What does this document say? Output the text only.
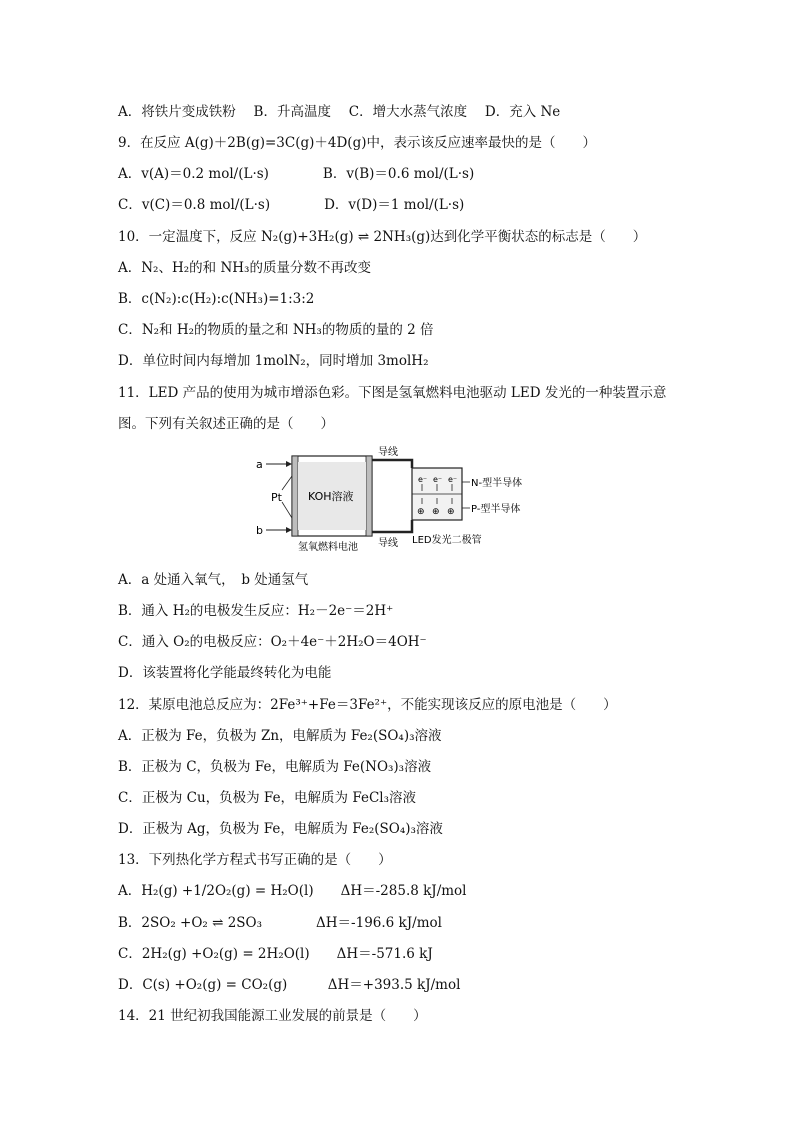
A．将铁片变成铁粉　 B．升高温度　 C．增大水蒸气浓度　 D．充入 Ne
9．在反应 A(g)＋2B(g)=3C(g)＋4D(g)中，表示该反应速率最快的是（　　）
A．v(A)＝0.2 mol/(L·s)　　　　B．v(B)＝0.6 mol/(L·s)
C．v(C)＝0.8 mol/(L·s)　　　　D．v(D)＝1 mol/(L·s)
10．一定温度下，反应 N₂(g)+3H₂(g) ⇌ 2NH₃(g)达到化学平衡状态的标志是（　　）
A．N₂、H₂的和 NH₃的质量分数不再改变
B．c(N₂):c(H₂):c(NH₃)=1:3:2
C．N₂和 H₂的物质的量之和 NH₃的物质的量的 2 倍
D．单位时间内每增加 1molN₂，同时增加 3molH₂
11．LED 产品的使用为城市增添色彩。下图是氢氧燃料电池驱动 LED 发光的一种装置示意
图。下列有关叙述正确的是（　　）
a
b
Pt KOH溶液
导线
导线
e⁻ e⁻ e⁻
⊕ ⊕ ⊕
N-型半导体
P-型半导体
氢氧燃料电池
LED发光二极管
A．a 处通入氧气，　b 处通氢气
B．通入 H₂的电极发生反应：H₂－2e⁻＝2H⁺
C．通入 O₂的电极反应：O₂＋4e⁻＋2H₂O＝4OH⁻
D．该装置将化学能最终转化为电能
12．某原电池总反应为：2Fe³⁺+Fe＝3Fe²⁺，不能实现该反应的原电池是（　　）
A．正极为 Fe，负极为 Zn，电解质为 Fe₂(SO₄)₃溶液
B．正极为 C，负极为 Fe，电解质为 Fe(NO₃)₃溶液
C．正极为 Cu，负极为 Fe，电解质为 FeCl₃溶液
D．正极为 Ag，负极为 Fe，电解质为 Fe₂(SO₄)₃溶液
13．下列热化学方程式书写正确的是（　　）
A．H₂(g) +1/2O₂(g) = H₂O(l)　　ΔH＝-285.8 kJ/mol
B．2SO₂ +O₂ ⇌ 2SO₃　　　　ΔH＝-196.6 kJ/mol
C．2H₂(g) +O₂(g) = 2H₂O(l)　　ΔH＝-571.6 kJ
D．C(s) +O₂(g) = CO₂(g)　　　ΔH＝+393.5 kJ/mol
14．21 世纪初我国能源工业发展的前景是（　　）
